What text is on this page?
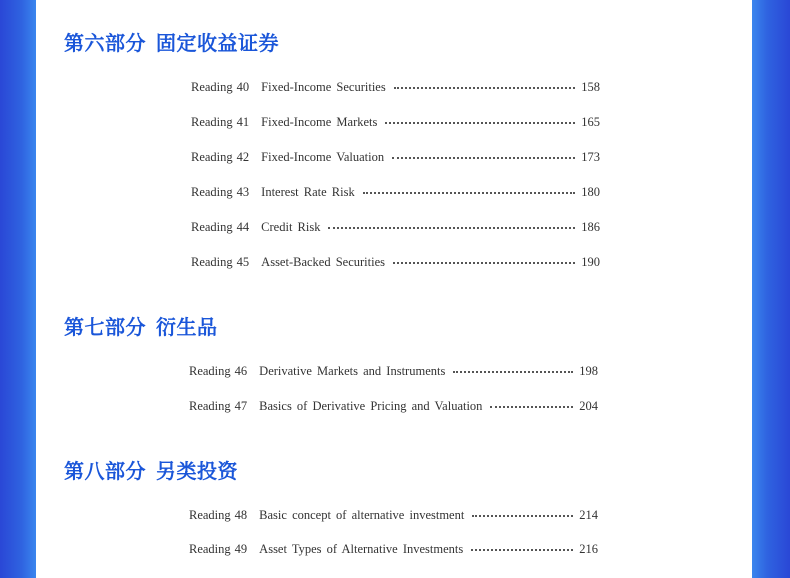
第六部分 固定收益证券
Reading 40 Fixed-Income Securities	158
Reading 41 Fixed-Income Markets	165
Reading 42 Fixed-Income Valuation	173
Reading 43 Interest Rate Risk	180
Reading 44 Credit Risk	186
Reading 45 Asset-Backed Securities	190
第七部分 衍生品
Reading 46 Derivative Markets and Instruments	198
Reading 47 Basics of Derivative Pricing and Valuation	204
第八部分 另类投资
Reading 48 Basic concept of alternative investment	214
Reading 49 Asset Types of Alternative Investments	216
